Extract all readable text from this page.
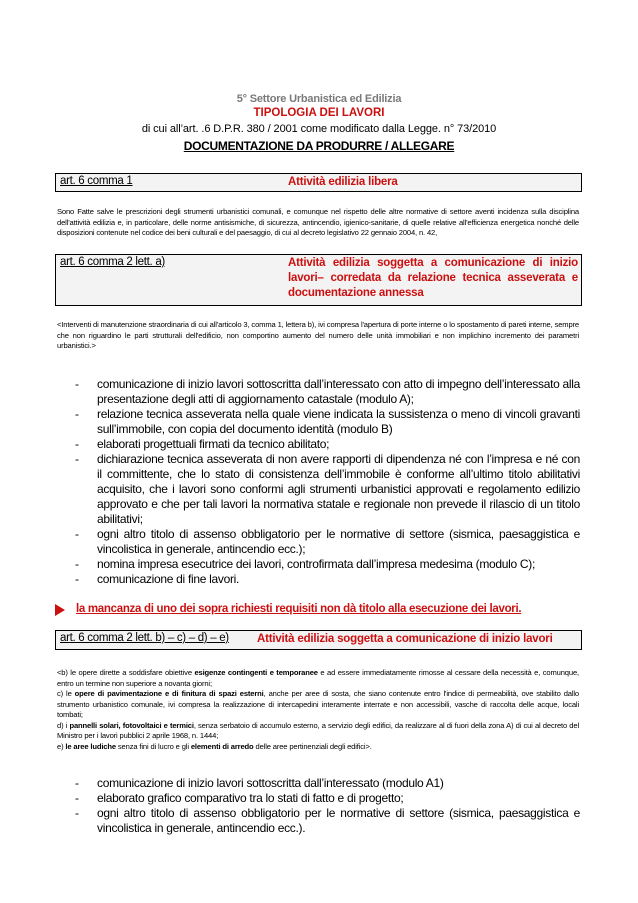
5° Settore Urbanistica ed Edilizia
TIPOLOGIA DEI LAVORI
di cui all’art. .6 D.P.R. 380 / 2001 come modificato dalla Legge. n° 73/2010
DOCUMENTAZIONE DA PRODURRE / ALLEGARE
art. 6 comma 1	Attività edilizia libera
Sono Fatte salve le prescrizioni degli strumenti urbanistici comunali, e comunque nel rispetto delle altre normative di settore aventi incidenza sulla disciplina dell'attività edilizia e, in particolare, delle norme antisismiche, di sicurezza, antincendio, igienico-sanitarie, di quelle relative all'efficienza energetica nonché delle disposizioni contenute nel codice dei beni culturali e del paesaggio, di cui al decreto legislativo 22 gennaio 2004, n. 42,
art. 6 comma 2 lett. a)	Attività edilizia soggetta a comunicazione di inizio lavori– corredata da relazione tecnica asseverata e documentazione annessa
<Interventi di manutenzione straordinaria di cui all'articolo 3, comma 1, lettera b), ivi compresa l'apertura di porte interne o lo spostamento di pareti interne, sempre che non riguardino le parti strutturali dell'edificio, non comportino aumento del numero delle unità immobiliari e non implichino incremento dei parametri urbanistici.>

- comunicazione di inizio lavori sottoscritta dall’interessato con atto di impegno dell’interessato alla presentazione degli atti di aggiornamento catastale (modulo A);

- relazione tecnica asseverata nella quale viene indicata la sussistenza o meno di vincoli gravanti sull’immobile, con copia del documento identità (modulo B)

- elaborati progettuali firmati da tecnico abilitato;

- dichiarazione tecnica asseverata di non avere rapporti di dipendenza né con l’impresa e né con il committente, che lo stato di consistenza dell’immobile è conforme all’ultimo titolo abilitativi acquisito, che i lavori sono conformi agli strumenti urbanistici approvati e regolamento edilizio approvato e che per tali lavori la normativa statale e regionale non prevede il rilascio di un titolo abilitativi;

- ogni altro titolo di assenso obbligatorio per le normative di settore (sismica, paesaggistica e vincolistica in generale, antincendio ecc.);

- nomina impresa esecutrice dei lavori, controfirmata dall’impresa medesima (modulo C);

- comunicazione di fine lavori.

la mancanza di uno dei sopra richiesti requisiti non dà titolo alla esecuzione dei lavori.
art. 6 comma 2 lett. b) – c) – d) – e) Attività edilizia soggetta a comunicazione di inizio lavori
<b) le opere dirette a soddisfare obiettive esigenze contingenti e temporanee e ad essere immediatamente rimosse al cessare della necessità e, comunque, entro un termine non superiore a novanta giorni;
c) le opere di pavimentazione e di finitura di spazi esterni, anche per aree di sosta, che siano contenute entro l'indice di permeabilità, ove stabilito dallo strumento urbanistico comunale, ivi compresa la realizzazione di intercapedini interamente interrate e non accessibili, vasche di raccolta delle acque, locali tombati;
d) i pannelli solari, fotovoltaici e termici, senza serbatoio di accumulo esterno, a servizio degli edifici, da realizzare al di fuori della zona A) di cui al decreto del Ministro per i lavori pubblici 2 aprile 1968, n. 1444;
e) le aree ludiche senza fini di lucro e gli elementi di arredo delle aree pertinenziali degli edifici>.

- comunicazione di inizio lavori sottoscritta dall’interessato (modulo A1)

- elaborato grafico comparativo tra lo stati di fatto e di progetto;

- ogni altro titolo di assenso obbligatorio per le normative di settore (sismica, paesaggistica e vincolistica in generale, antincendio ecc.).
